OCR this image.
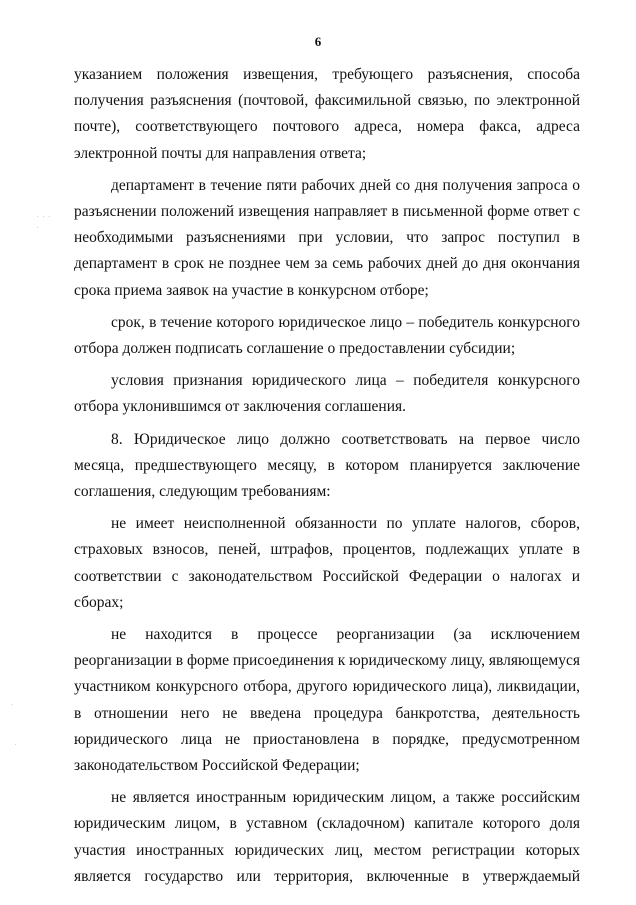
6
· · · ·
·
·

указанием положения извещения, требующего разъяснения, способа получения разъяснения (почтовой, факсимильной связью, по электронной почте), соответствующего почтового адреса, номера факса, адреса электронной почты для направления ответа;

департамент в течение пяти рабочих дней со дня получения запроса о разъяснении положений извещения направляет в письменной форме ответ с необходимыми разъяснениями при условии, что запрос поступил в департамент в срок не позднее чем за семь рабочих дней до дня окончания срока приема заявок на участие в конкурсном отборе;

срок, в течение которого юридическое лицо – победитель конкурсного отбора должен подписать соглашение о предоставлении субсидии;

условия признания юридического лица – победителя конкурсного отбора уклонившимся от заключения соглашения.

8. Юридическое лицо должно соответствовать на первое число месяца, предшествующего месяцу, в котором планируется заключение соглашения, следующим требованиям:

не имеет неисполненной обязанности по уплате налогов, сборов, страховых взносов, пеней, штрафов, процентов, подлежащих уплате в соответствии с законодательством Российской Федерации о налогах и сборах;

не находится в процессе реорганизации (за исключением реорганизации в форме присоединения к юридическому лицу, являющемуся участником конкурсного отбора, другого юридического лица), ликвидации, в отношении него не введена процедура банкротства, деятельность юридического лица не приостановлена в порядке, предусмотренном законодательством Российской Федерации;

не является иностранным юридическим лицом, а также российским юридическим лицом, в уставном (складочном) капитале которого доля участия иностранных юридических лиц, местом регистрации которых является государство или территория, включенные в утверждаемый
